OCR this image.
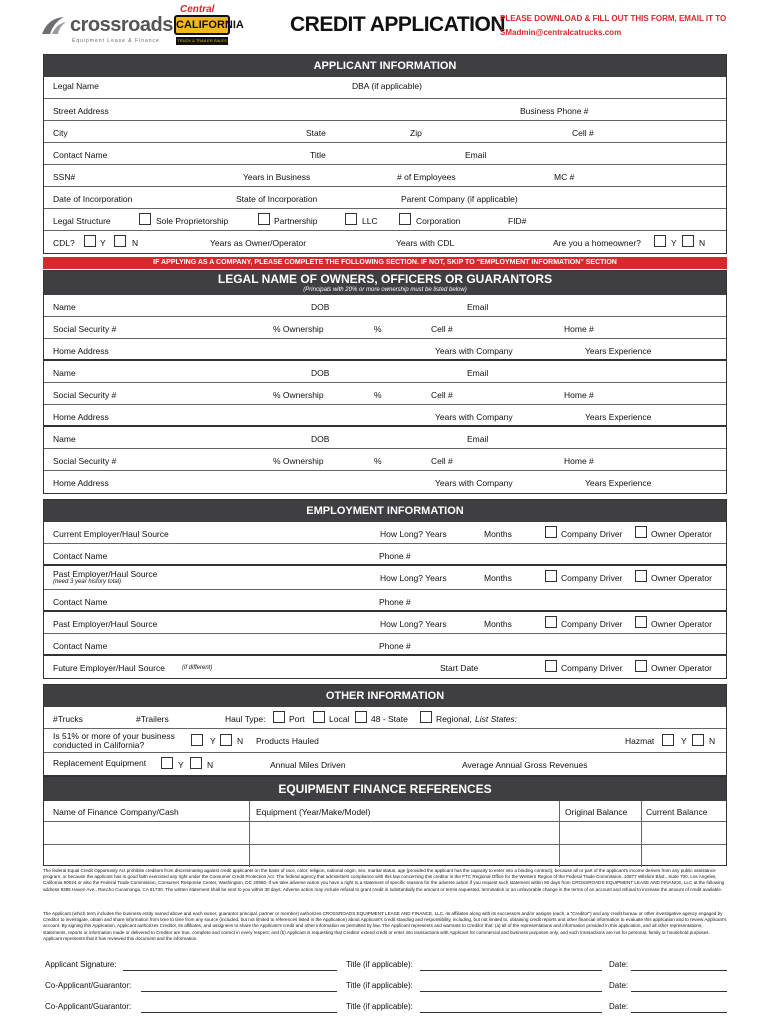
crossroads
Equipment Lease & Finance
Central
CALIFORNIA
TRUCK & TRAILER SALES
CREDIT APPLICATION
PLEASE DOWNLOAD & FILL OUT THIS FORM, EMAIL IT TO
SMadmin@centralcatrucks.com
APPLICANT INFORMATION
Legal Name	DBA (if applicable)
Street Address	Business Phone #
City	State	Zip	Cell #
Contact Name	Title	Email
SSN#	Years in Business	# of Employees	MC #
Date of Incorporation	State of Incorporation	Parent Company (if applicable)
Legal Structure	Sole Proprietorship	Partnership	LLC	Corporation	FID#
CDL?	Y	N	Years as Owner/Operator	Years with CDL	Are you a homeowner?	Y	N
IF APPLYING AS A COMPANY, PLEASE COMPLETE THE FOLLOWING SECTION. IF NOT, SKIP TO “EMPLOYMENT INFORMATION” SECTION
LEGAL NAME OF OWNERS, OFFICERS OR GUARANTORS
(Principals with 20% or more ownership must be listed below)
Name	DOB	Email
Social Security #	% Ownership	%	Cell #	Home #
Home Address	Years with Company	Years Experience
Name	DOB	Email
Social Security #	% Ownership	%	Cell #	Home #
Home Address	Years with Company	Years Experience
Name	DOB	Email
Social Security #	% Ownership	%	Cell #	Home #
Home Address	Years with Company	Years Experience
EMPLOYMENT INFORMATION
Current Employer/Haul Source	How Long? Years	Months	Company Driver	Owner Operator
Contact Name	Phone #
Past Employer/Haul Source
(need 3 year history total)	How Long? Years	Months	Company Driver	Owner Operator
Contact Name	Phone #
Past Employer/Haul Source	How Long? Years	Months	Company Driver	Owner Operator
Contact Name	Phone #
Future Employer/Haul Source	(if different)	Start Date	Company Driver	Owner Operator
OTHER INFORMATION
#Trucks	#Trailers	Haul Type:	Port	Local	48 - State	Regional, List States:
Is 51% or more of your business
conducted in California?	Y	N Products Hauled	Hazmat	Y	N
Replacement Equipment	Y	N	Annual Miles Driven	Average Annual Gross Revenues
EQUIPMENT FINANCE REFERENCES
Name of Finance Company/Cash	Equipment (Year/Make/Model)	Original Balance Current Balance
The federal Equal Credit Opportunity Act prohibits creditors from discriminating against credit applicants on the basis of race, color, religion, national origin, sex, marital status, age (provided the applicant has the capacity to enter into a binding contract); because all or part of the applicant's income derives from any public assistance program; or because the applicant has in good faith exercised any right under the Consumer Credit Protection Act. The federal agency that administers compliance with this law concerning this creditor is the FTC Regional Office for the Western Region of the Federal Trade Commission, 10877 Wilshire Blvd., Suite 700, Los Angeles, California 90024 or also the Federal Trade Commission, Consumer Response Center, Washington, DC 20580. If we take adverse action you have a right to a statement of specific reasons for the adverse action if you request such statement within 60 days from CROSSROADS EQUIPMENT LEASE AND FINANCE, LLC at the following address 9385 Haven Ave., Rancho Cucamonga, CA 91730. The written statement shall be sent to you within 30 days. Adverse action may include refusal to grant credit in substantially the amount or terms requested, termination or an unfavorable change in the terms of an account and refusal to increase the amount of credit available.
The Applicant (which term includes the business entity named above and each owner, guarantor principal, partner or member) authorizes CROSSROADS EQUIPMENT LEASE AND FINANCE, LLC, its affiliates along with its successors and/or assigns (each, a "Creditor") and any credit bureau or other investigative agency engaged by Creditor to investigate, obtain and share information from time to time from any source (included, but not limited to references listed in the Application) about Applicant's credit standing and responsibility, including, but not limited to, obtaining credit reports and other financial information to evaluate this application and to review Applicant's account. By signing this Application, Applicant authorizes Creditor, its affiliates, and assignees to share the Applicant's credit and other information as permitted by law. The Applicant represents and warrants to Creditor that: (a) all of the representations and information provided in this application, and all other representations, statements, reports or information made or delivered to Creditor are true, complete and correct in every respect; and (b) Applicant is requesting that Creditor extend credit or enter into transactions with Applicant for commercial and business purposes only, and such transactions are not for personal, family or household purposes. Applicant represents that it has reviewed this document and the information.
Applicant Signature:	Title (if applicable):	Date:
Co-Applicant/Guarantor:	Title (if applicable):	Date:
Co-Applicant/Guarantor:	Title (if applicable):	Date:
